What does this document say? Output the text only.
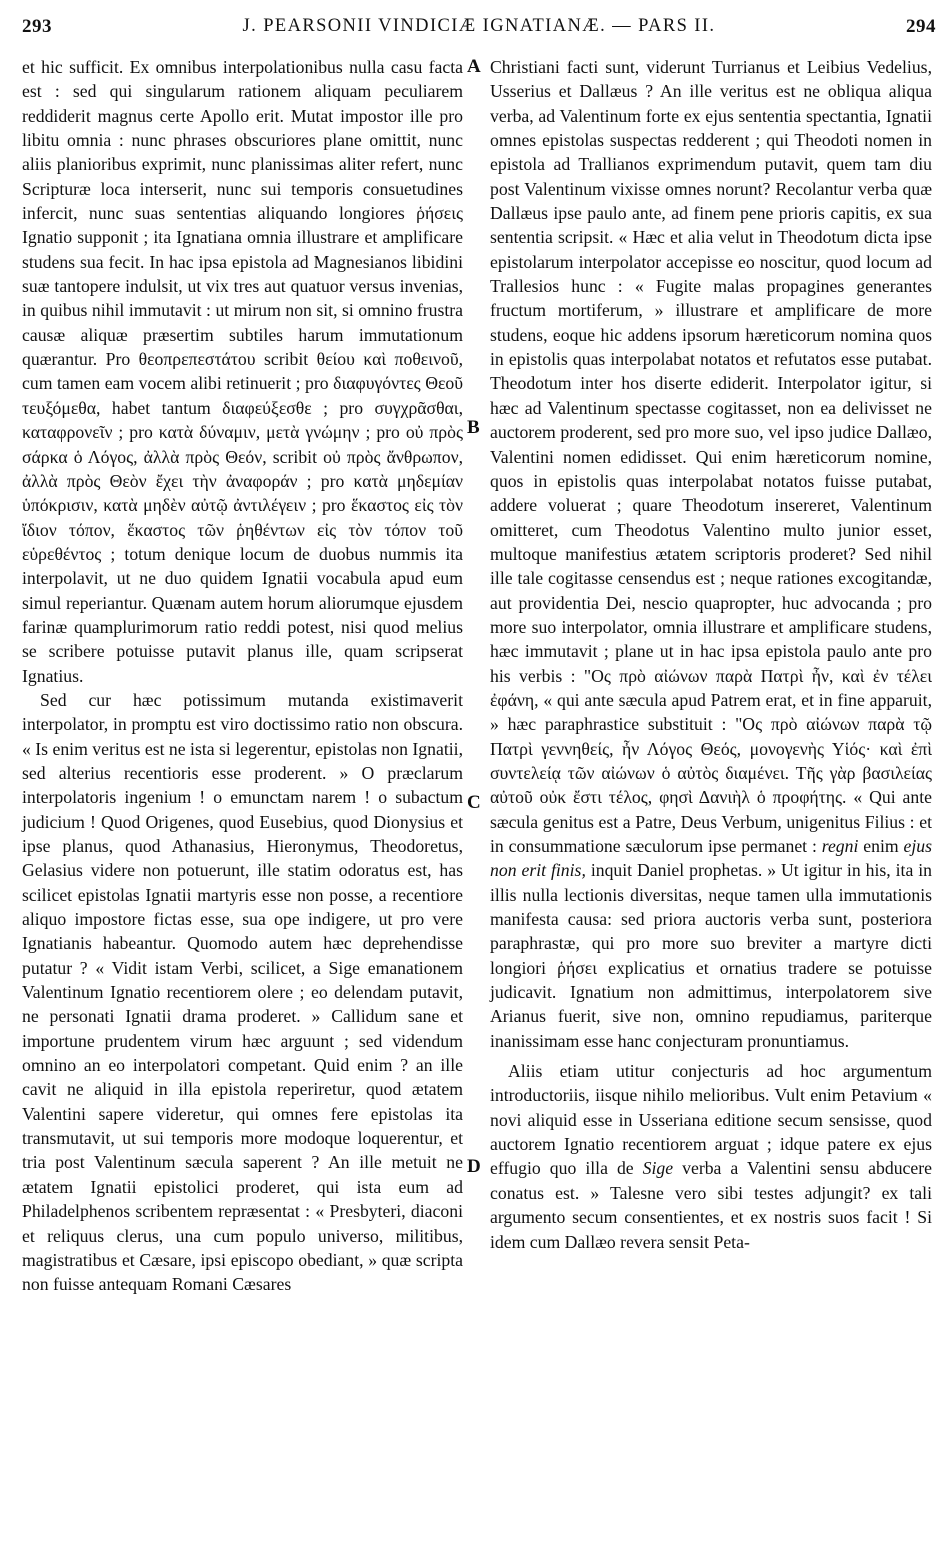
293	J. PEARSONII VINDICIÆ IGNATIANÆ. — PARS II.	294

et hic sufficit. Ex omnibus interpolationibus nulla casu facta est : sed qui singularum rationem aliquam peculiarem reddiderit magnus certe Apollo erit. Mutat impostor ille pro libitu omnia : nunc phrases obscuriores plane omittit, nunc aliis planioribus exprimit, nunc planissimas aliter refert, nunc Scripturæ loca interserit, nunc sui temporis consuetudines infercit, nunc suas sententias aliquando longiores ῥήσεις Ignatio supponit ; ita Ignatiana omnia illustrare et amplificare studens sua fecit. In hac ipsa epistola ad Magnesianos libidini suæ tantopere indulsit, ut vix tres aut quatuor versus invenias, in quibus nihil immutavit : ut mirum non sit, si omnino frustra causæ aliquæ præsertim subtiles harum immutationum quærantur. Pro θεοπρεπεστάτου scribit θείου καὶ ποθεινοῦ, cum tamen eam vocem alibi retinuerit ; pro διαφυγόντες Θεοῦ τευξόμεθα, habet tantum διαφεύξεσθε ; pro συγχρᾶσθαι, καταφρονεῖν ; pro κατὰ δύναμιν, μετὰ γνώμην ; pro οὐ πρὸς σάρκα ὁ Λόγος, ἀλλὰ πρὸς Θεόν, scribit οὐ πρὸς ἄνθρωπον, ἀλλὰ πρὸς Θεὸν ἔχει τὴν ἀναφοράν ; pro κατὰ μηδεμίαν ὑπόκρισιν, κατὰ μηδὲν αὐτῷ ἀντιλέγειν ; pro ἕκαστος εἰς τὸν ἴδιον τόπον, ἕκαστος τῶν ῥηθέντων εἰς τὸν τόπον τοῦ εὑρεθέντος ; totum denique locum de duobus nummis ita interpolavit, ut ne duo quidem Ignatii vocabula apud eum simul reperiantur. Quænam autem horum aliorumque ejusdem farinæ quamplurimorum ratio reddi potest, nisi quod melius se scribere potuisse putavit planus ille, quam scripserat Ignatius.

Sed cur hæc potissimum mutanda existimaverit interpolator, in promptu est viro doctissimo ratio non obscura. « Is enim veritus est ne ista si legerentur, epistolas non Ignatii, sed alterius recentioris esse proderent. » O præclarum interpolatoris ingenium ! o emunctam narem ! o subactum judicium ! Quod Origenes, quod Eusebius, quod Dionysius et ipse planus, quod Athanasius, Hieronymus, Theodoretus, Gelasius videre non potuerunt, ille statim odoratus est, has scilicet epistolas Ignatii martyris esse non posse, a recentiore aliquo impostore fictas esse, sua ope indigere, ut pro vere Ignatianis habeantur. Quomodo autem hæc deprehendisse putatur ? « Vidit istam Verbi, scilicet, a Sige emanationem Valentinum Ignatio recentiorem olere ; eo delendam putavit, ne personati Ignatii drama proderet. » Callidum sane et importune prudentem virum hæc arguunt ; sed videndum omnino an eo interpolatori competant. Quid enim ? an ille cavit ne aliquid in illa epistola reperiretur, quod ætatem Valentini sapere videretur, qui omnes fere epistolas ita transmutavit, ut sui temporis more modoque loquerentur, et tria post Valentinum sæcula saperent ? An ille metuit ne ætatem Ignatii epistolici proderet, qui ista eum ad Philadelphenos scribentem repræsentat : « Presbyteri, diaconi et reliquus clerus, una cum populo universo, militibus, magistratibus et Cæsare, ipsi episcopo obediant, » quæ scripta non fuisse antequam Romani Cæsares

A
B
C
D

Christiani facti sunt, viderunt Turrianus et Leibius Vedelius, Usserius et Dallæus ? An ille veritus est ne obliqua aliqua verba, ad Valentinum forte ex ejus sententia spectantia, Ignatii omnes epistolas suspectas redderent ; qui Theodoti nomen in epistola ad Trallianos exprimendum putavit, quem tam diu post Valentinum vixisse omnes norunt? Recolantur verba quæ Dallæus ipse paulo ante, ad finem pene prioris capitis, ex sua sententia scripsit. « Hæc et alia velut in Theodotum dicta ipse epistolarum interpolator accepisse eo noscitur, quod locum ad Trallesios hunc : « Fugite malas propagines generantes fructum mortiferum, » illustrare et amplificare de more studens, eoque hic addens ipsorum hæreticorum nomina quos in epistolis quas interpolabat notatos et refutatos esse putabat. Theodotum inter hos diserte ediderit. Interpolator igitur, si hæc ad Valentinum spectasse cogitasset, non ea delivisset ne auctorem proderent, sed pro more suo, vel ipso judice Dallæo, Valentini nomen edidisset. Qui enim hæreticorum nomine, quos in epistolis quas interpolabat notatos fuisse putabat, addere voluerat ; quare Theodotum insereret, Valentinum omitteret, cum Theodotus Valentino multo junior esset, multoque manifestius ætatem scriptoris proderet? Sed nihil ille tale cogitasse censendus est ; neque rationes excogitandæ, aut providentia Dei, nescio quapropter, huc advocanda ; pro more suo interpolator, omnia illustrare et amplificare studens, hæc immutavit ; plane ut in hac ipsa epistola paulo ante pro his verbis : "Ος πρὸ αἰώνων παρὰ Πατρὶ ἦν, καὶ ἐν τέλει ἐφάνη, « qui ante sæcula apud Patrem erat, et in fine apparuit, » hæc paraphrastice substituit : "Ος πρὸ αἰώνων παρὰ τῷ Πατρὶ γεννηθείς, ἦν Λόγος Θεός, μονογενὴς Υἱός· καὶ ἐπὶ συντελείᾳ τῶν αἰώνων ὁ αὐτὸς διαμένει. Τῆς γὰρ βασιλείας αὐτοῦ οὐκ ἔστι τέλος, φησὶ Δανιὴλ ὁ προφήτης. « Qui ante sæcula genitus est a Patre, Deus Verbum, unigenitus Filius : et in consummatione sæculorum ipse permanet : regni enim ejus non erit finis, inquit Daniel prophetas. » Ut igitur in his, ita in illis nulla lectionis diversitas, neque tamen ulla immutationis manifesta causa: sed priora auctoris verba sunt, posteriora paraphrastæ, qui pro more suo breviter a martyre dicti longiori ῥήσει explicatius et ornatius tradere se potuisse judicavit. Ignatium non admittimus, interpolatorem sive Arianus fuerit, sive non, omnino repudiamus, pariterque inanissimam esse hanc conjecturam pronuntiamus.

Aliis etiam utitur conjecturis ad hoc argumentum introductoriis, iisque nihilo melioribus. Vult enim Petavium « novi aliquid esse in Usseriana editione secum sensisse, quod auctorem Ignatio recentiorem arguat ; idque patere ex ejus effugio quo illa de Sige verba a Valentini sensu abducere conatus est. » Talesne vero sibi testes adjungit? ex tali argumento secum consentientes, et ex nostris suos facit ! Si idem cum Dallæo revera sensit Peta-
